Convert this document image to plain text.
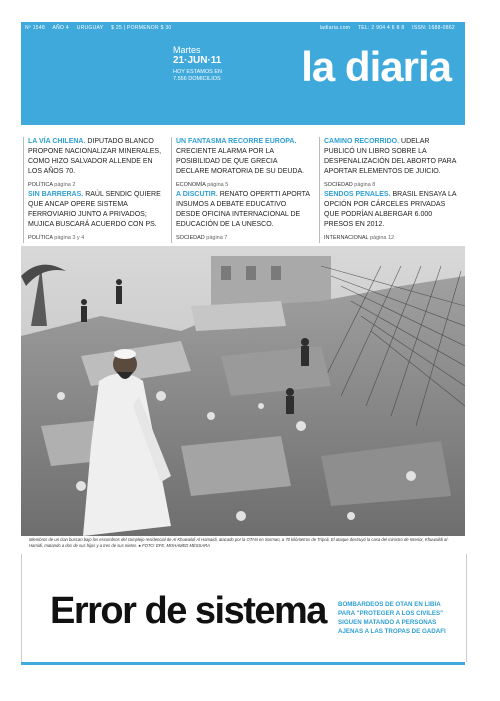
Nº 1548 AÑO 4 URUGUAY $ 25 | PORMENOR $ 30	ladiaria.com TEL: 2 904 4 6 8 8 ISSN: 1688-0862
Martes
21·JUN·11
HOY ESTAMOS EN
7.556 DOMICILIOS la diaria
LA VÍA CHILENA. DIPUTADO BLANCO PROPONE NACIONALIZAR MINERALES, COMO HIZO SALVADOR ALLENDE EN LOS AÑOS 70.
POLÍTICA página 2
UN FANTASMA RECORRE EUROPA. CRECIENTE ALARMA POR LA POSIBILIDAD DE QUE GRECIA DECLARE MORATORIA DE SU DEUDA.
ECONOMÍA página 5
CAMINO RECORRIDO. UDELAR PUBLICÓ UN LIBRO SOBRE LA DESPENALIZACIÓN DEL ABORTO PARA APORTAR ELEMENTOS DE JUICIO.
SOCIEDAD página 8
SIN BARRERAS. RAÚL SENDIC QUIERE QUE ANCAP OPERE SISTEMA FERROVIARIO JUNTO A PRIVADOS; MUJICA BUSCARÁ ACUERDO CON PS.
POLÍTICA página 3 y 4
A DISCUTIR. RENATO OPERTTI APORTA INSUMOS A DEBATE EDUCATIVO DESDE OFICINA INTERNACIONAL DE EDUCACIÓN DE LA UNESCO.
SOCIEDAD página 7
SENDOS PENALES. BRASIL ENSAYA LA OPCIÓN POR CÁRCELES PRIVADAS QUE PODRÍAN ALBERGAR 6.000 PRESOS EN 2012.
INTERNACIONAL página 12
Miembros de un clan buscan bajo los escombros del complejo residencial de Al Khuwaildi Al Hamaidi, atacado por la OTAN en Sorman, a 70 kilómetros de Trípoli. El ataque destruyó la casa del ministro de Interior, Khuwaildi al-Hamidi, matando a dos de sus hijos y a tres de sus nietos. ● FOTO: EFE, MOHAMED MESSARA
Error de sistema BOMBARDEOS DE OTAN EN LIBIA
PARA "PROTEGER A LOS CIVILES"
SIGUEN MATANDO A PERSONAS
AJENAS A LAS TROPAS DE GADAFI
